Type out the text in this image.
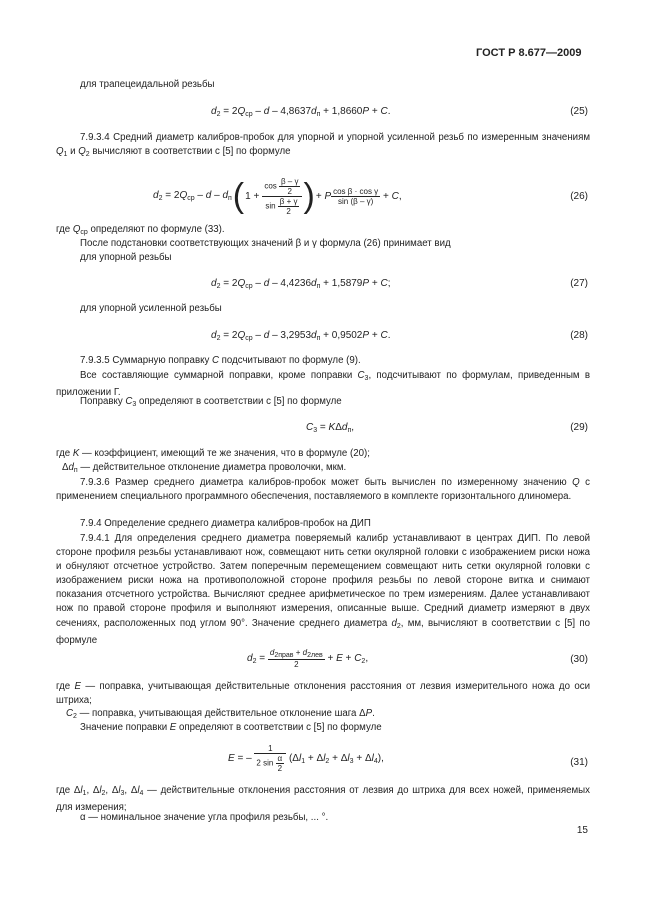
ГОСТ Р 8.677—2009
для трапецеидальной резьбы
$d_2 = 2Q_{ср} - d - 4,8637d_п + 1,8660P + C$.	(25)
7.9.3.4 Средний диаметр калибров-пробок для упорной и упорной усиленной резьб по измеренным значениям $Q_1$ и $Q_2$ вычисляют в соответствии с [5] по формуле
$d_2 = 2Q_{ср} - d - d_п$ ( $1 + \frac{\cos \frac{\beta - \gamma}{2}}{\sin \frac{\beta + \gamma}{2}}$ ) + P $\frac{\text{cos β · cos γ}}{\sin (\beta - \gamma)} + C$,	(26)
где $Q_{ср}$ определяют по формуле (33).
После подстановки соответствующих значений β и γ формула (26) принимает вид
для упорной резьбы
$d_2 = 2Q_{ср} - d - 4,4236d_п + 1,5879P + C$;	(27)
для упорной усиленной резьбы
$d_2 = 2Q_{ср} - d - 3,2953d_п + 0,9502P + C$.	(28)
7.9.3.5 Суммарную поправку C подсчитывают по формуле (9).
Все составляющие суммарной поправки, кроме поправки $C_3$, подсчитывают по формулам, приведенным в приложении Г.
Поправку $C_3$ определяют в соответствии с [5] по формуле
$C_3 = K\Delta d_п$,	(29)
где K — коэффициент, имеющий те же значения, что в формуле (20);
$\Delta d_п$ — действительное отклонение диаметра проволочки, мкм.
7.9.3.6 Размер среднего диаметра калибров-пробок может быть вычислен по измеренному значению Q с применением специального программного обеспечения, поставляемого в комплекте горизонтального длиномера.
7.9.4 Определение среднего диаметра калибров-пробок на ДИП
7.9.4.1 Для определения среднего диаметра поверяемый калибр устанавливают в центрах ДИП. По левой стороне профиля резьбы устанавливают нож, совмещают нить сетки окулярной головки с изображением риски ножа и обнуляют отсчетное устройство. Затем поперечным перемещением совмещают нить сетки окулярной головки с изображением риски ножа на противоположной стороне профиля резьбы по левой стороне витка и снимают показания отсчетного устройства. Вычисляют среднее арифметическое по трем измерениям. Далее устанавливают нож по правой стороне профиля и выполняют измерения, описанные выше. Средний диаметр измеряют в двух сечениях, расположенных под углом 90°. Значение среднего диаметра $d_2$, мм, вычисляют в соответствии с [5] по формуле
$d_2 = \frac{d_{2прав} + d_{2лев}}{2} + E + C_2$,	(30)
где E — поправка, учитывающая действительные отклонения расстояния от лезвия измерительного ножа до оси штриха;
$C_2$ — поправка, учитывающая действительное отклонение шага ΔP.
Значение поправки E определяют в соответствии с [5] по формуле
E = – $\frac{1}{2 \sin \frac{\alpha}{2}} (\Delta l_1 + \Delta l_2 + \Delta l_3 + \Delta l_4)$,	(31)
где $\Delta l_1$, $\Delta l_2$, $\Delta l_3$, $\Delta l_4$ — действительные отклонения расстояния от лезвия до штриха для всех ножей, применяемых для измерения;
α — номинальное значение угла профиля резьбы, ... °.
15
